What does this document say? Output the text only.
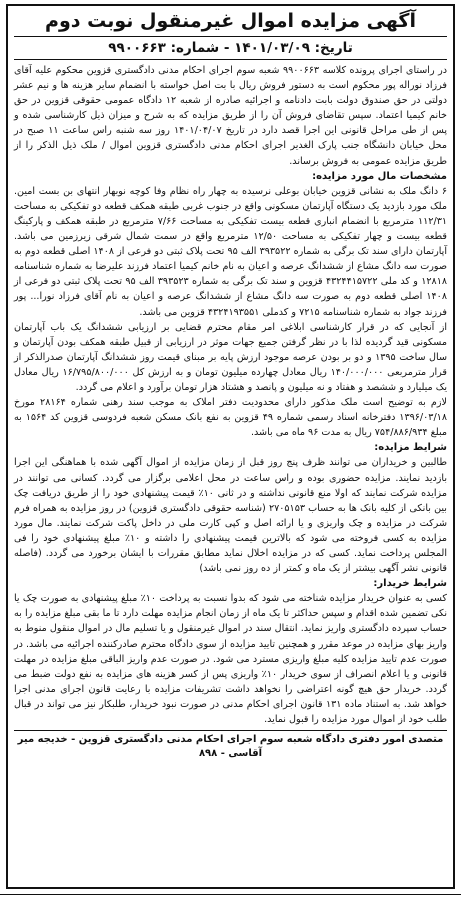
آگهی مزایده اموال غیرمنقول نوبت دوم
تاریخ: ۱۴۰۱/۰۳/۰۹ - شماره: ۹۹۰۰۶۶۳

در راستای اجرای پرونده کلاسه ۹۹۰۰۶۶۳ شعبه سوم اجرای احکام مدنی دادگستری قزوین محکوم علیه آقای فرزاد نوراله پور محکوم است به دستور فروش ریال با بت اصل خواسته با انضمام سایر هزینه ها و نیم عشر دولتی در حق صندوق دولت بابت دادنامه و اجرائیه صادره از شعبه ۱۲ دادگاه عمومی حقوقی قزوین در حق خانم کیمیا اعتماد. سپس تقاضای فروش آن را از طریق مزایده که به شرح و میزان ذیل کارشناسی شده و پس از طی مراحل قانونی این اجرا قصد دارد در تاریخ ۱۴۰۱/۰۴/۰۷ روز سه شنبه راس ساعت ۱۱ صبح در محل خیابان دانشگاه جنب پارک الغدیر اجرای احکام مدنی دادگستری قزوین اموال / ملک ذیل الذکر را از طریق مزایده عمومی به فروش برساند.

مشخصات مال مورد مزایده:

۶ دانگ ملک به نشانی قزوین خیابان بوعلی نرسیده به چهار راه نظام وفا کوچه نوبهار انتهای بن بست امین. ملک مورد بازدید یک دستگاه آپارتمان مسکونی واقع در جنوب غربی طبقه همکف قطعه دو تفکیکی به مساحت ۱۱۲/۳۱ مترمربع با انضمام انباری قطعه بیست تفکیکی به مساحت ۷/۶۶ مترمربع در طبقه همکف و پارکینگ قطعه بیست و چهار تفکیکی به مساحت ۱۲/۵۰ مترمربع واقع در سمت شمال شرقی زیرزمین می باشد. آپارتمان دارای سند تک برگی به شماره ۳۹۳۵۲۲ الف ۹۵ تحت پلاک ثبتی دو فرعی از ۱۴۰۸ اصلی قطعه دوم به صورت سه دانگ مشاع از ششدانگ عرصه و اعیان به نام خانم کیمیا اعتماد فرزند علیرضا به شماره شناسنامه ۱۲۸۱۸ و کد ملی ۴۳۲۴۴۱۵۷۲۲ قزوین و سند تک برگی به شماره ۳۹۳۵۲۳ الف ۹۵ تحت پلاک ثبتی دو فرعی از ۱۴۰۸ اصلی قطعه دوم به صورت سه دانگ مشاع از ششدانگ عرصه و اعیان به نام آقای فرزاد نورا... پور فرزند جواد به شماره شناسنامه ۷۲۱۵ و کدملی ۴۳۲۴۱۹۳۵۵۱ قزوین می باشد.

از آنجایی که در قرار کارشناسی ابلاغی امر مقام محترم قضایی بر ارزیابی ششدانگ یک باب آپارتمان مسکونی قید گردیده لذا با در نظر گرفتن جمیع جهات موثر در ارزیابی از قبیل طبقه همکف بودن آپارتمان و سال ساخت ۱۳۹۵ و دو بر بودن عرصه موجود ارزش پایه بر مبنای قیمت روز ششدانگ آپارتمان صدرالذکر از قرار مترمربعی ۱۴۰/۰۰۰/۰۰۰ ریال معادل چهارده میلیون تومان و به ارزش کل ۱۶/۷۹۵/۸۰۰/۰۰۰ ریال معادل یک میلیارد و ششصد و هفتاد و نه میلیون و پانصد و هشتاد هزار تومان برآورد و اعلام می گردد.

لازم به توضیح است ملک مذکور دارای محدودیت دفتر املاک به موجب سند رهنی شماره ۲۸۱۶۴ مورخ ۱۳۹۶/۰۳/۱۸ دفترخانه اسناد رسمی شماره ۴۹ قزوین به نفع بانک مسکن شعبه فردوسی قزوین کد ۱۵۶۴ به مبلغ ۷۵۴/۸۸۶/۹۳۴ ریال به مدت ۹۶ ماه می باشد.

شرایط مزایده:

طالبین و خریداران می توانند ظرف پنج روز قبل از زمان مزایده از اموال آگهی شده با هماهنگی این اجرا بازدید نمایند. مزایده حضوری بوده و راس ساعت در محل اعلامی برگزار می گردد. کسانی می توانند در مزایده شرکت نمایند که اولا منع قانونی نداشته و در ثانی ۱۰٪ قیمت پیشنهادی خود را از طریق دریافت چک بین بانکی از کلیه بانک ها به حساب ۲۷۰۵۱۵۳ (شناسه حقوقی دادگستری قزوین) در روز مزایده به همراه فرم شرکت در مزایده و چک واریزی و یا ارائه اصل و کپی کارت ملی در داخل پاکت شرکت نمایند. مال مورد مزایده به کسی فروخته می شود که بالاترین قیمت پیشنهادی را داشته و ۱۰٪ مبلغ پیشنهادی خود را فی المجلس پرداخت نماید. کسی که در مزایده اخلال نماید مطابق مقررات با ایشان برخورد می گردد. (فاصله قانونی نشر آگهی بیشتر از یک ماه و کمتر از ده روز نمی باشد)

شرایط خریدار:

کسی به عنوان خریدار مزایده شناخته می شود که بدوا نسبت به پرداخت ۱۰٪ مبلغ پیشنهادی به صورت چک یا نکی تضمین شده اقدام و سپس حداکثر تا یک ماه از زمان انجام مزایده مهلت دارد تا ما بقی مبلغ مزایده را به حساب سپرده دادگستری واریز نماید. انتقال سند در اموال غیرمنقول و یا تسلیم مال در اموال منقول منوط به واریز بهای مزایده در موعد مقرر و همچنین تایید مزایده از سوی دادگاه محترم صادرکننده اجرائیه می باشد. در صورت عدم تایید مزایده کلیه مبلغ واریزی مسترد می شود. در صورت عدم واریز الباقی مبلغ مزایده در مهلت قانونی و یا اعلام انصراف از سوی خریدار ۱۰٪ واریزی پس از کسر هزینه های مزایده به نفع دولت ضبط می گردد. خریدار حق هیچ گونه اعتراضی را نخواهد داشت تشریفات مزایده با رعایت قانون اجرای مدنی اجرا خواهد شد. به استناد ماده ۱۳۱ قانون اجرای احکام مدنی در صورت نبود خریدار، طلبکار نیز می تواند در قبال طلب خود از اموال مورد مزایده را قبول نماید.

متصدی امور دفتری دادگاه شعبه سوم اجرای احکام مدنی دادگستری قزوین - خدیجه میر آقاسی - ۸۹۸
